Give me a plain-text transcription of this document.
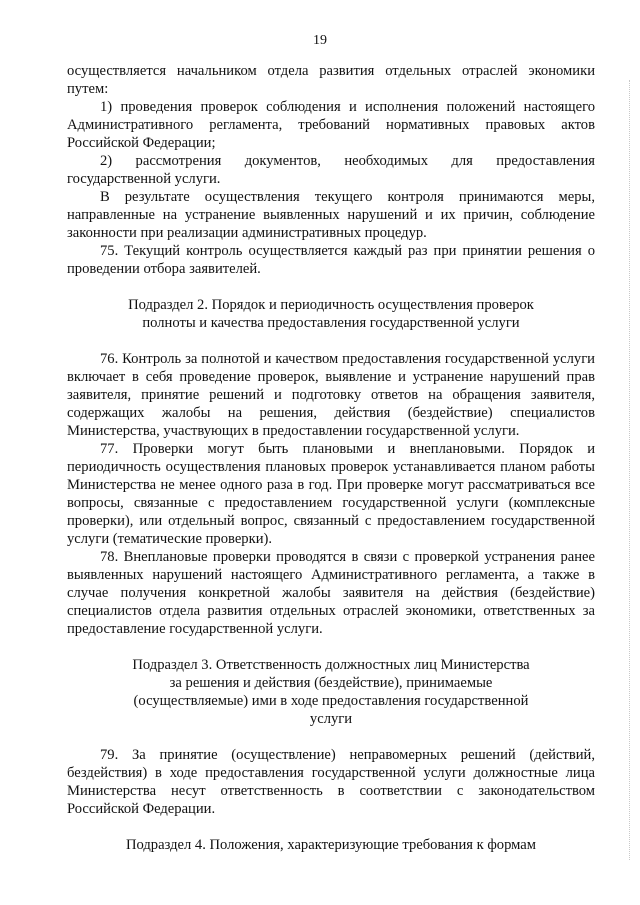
19

осуществляется начальником отдела развития отдельных отраслей экономики путем:

1) проведения проверок соблюдения и исполнения положений настоящего Административного регламента, требований нормативных правовых актов Российской Федерации;

2) рассмотрения документов, необходимых для предоставления государственной услуги.

В результате осуществления текущего контроля принимаются меры, направленные на устранение выявленных нарушений и их причин, соблюдение законности при реализации административных процедур.

75. Текущий контроль осуществляется каждый раз при принятии решения о проведении отбора заявителей.

Подраздел 2. Порядок и периодичность осуществления проверок

полноты и качества предоставления государственной услуги

76. Контроль за полнотой и качеством предоставления государственной услуги включает в себя проведение проверок, выявление и устранение нарушений прав заявителя, принятие решений и подготовку ответов на обращения заявителя, содержащих жалобы на решения, действия (бездействие) специалистов Министерства, участвующих в предоставлении государственной услуги.

77. Проверки могут быть плановыми и внеплановыми. Порядок и периодичность осуществления плановых проверок устанавливается планом работы Министерства не менее одного раза в год. При проверке могут рассматриваться все вопросы, связанные с предоставлением государственной услуги (комплексные проверки), или отдельный вопрос, связанный с предоставлением государственной услуги (тематические проверки).

78. Внеплановые проверки проводятся в связи с проверкой устранения ранее выявленных нарушений настоящего Административного регламента, а также в случае получения конкретной жалобы заявителя на действия (бездействие) специалистов отдела развития отдельных отраслей экономики, ответственных за предоставление государственной услуги.

Подраздел 3. Ответственность должностных лиц Министерства

за решения и действия (бездействие), принимаемые

(осуществляемые) ими в ходе предоставления государственной

услуги

79. За принятие (осуществление) неправомерных решений (действий, бездействия) в ходе предоставления государственной услуги должностные лица Министерства несут ответственность в соответствии с законодательством Российской Федерации.

Подраздел 4. Положения, характеризующие требования к формам
